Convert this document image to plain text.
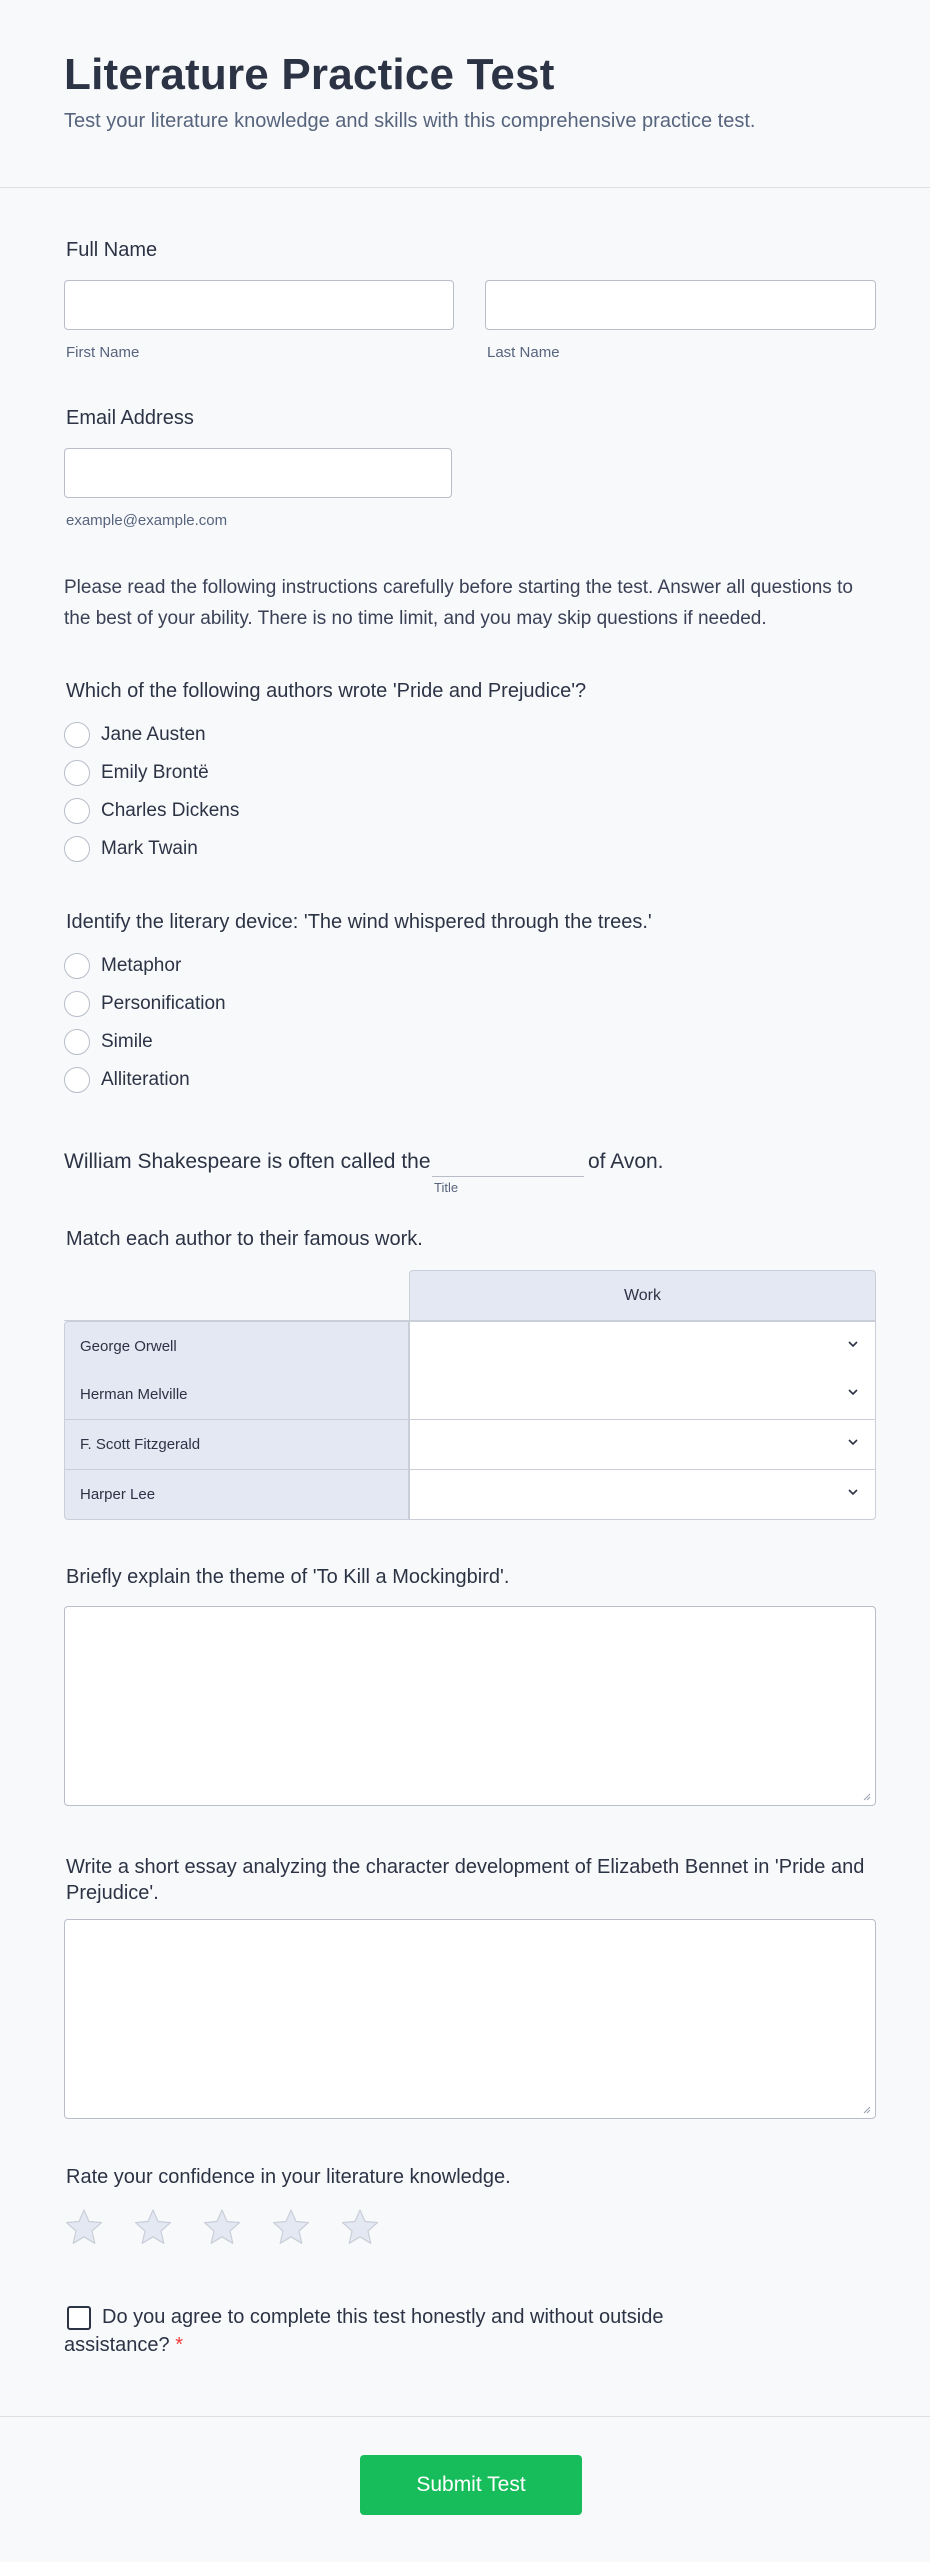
Literature Practice Test
Test your literature knowledge and skills with this comprehensive practice test.
Full Name
First Name	Last Name
Email Address
example@example.com
Please read the following instructions carefully before starting the test. Answer all questions to the best of your ability. There is no time limit, and you may skip questions if needed.
Which of the following authors wrote 'Pride and Prejudice'?
Jane Austen
Emily Brontë
Charles Dickens
Mark Twain
Identify the literary device: 'The wind whispered through the trees.'
Metaphor
Personification
Simile
Alliteration
William Shakespeare is often called the
Title
of Avon.
Match each author to their famous work.
Work
George Orwell
Herman Melville
F. Scott Fitzgerald
Harper Lee
Briefly explain the theme of 'To Kill a Mockingbird'.
Write a short essay analyzing the character development of Elizabeth Bennet in 'Pride and Prejudice'.
Rate your confidence in your literature knowledge.
Do you agree to complete this test honestly and without outside assistance? *
Submit Test
